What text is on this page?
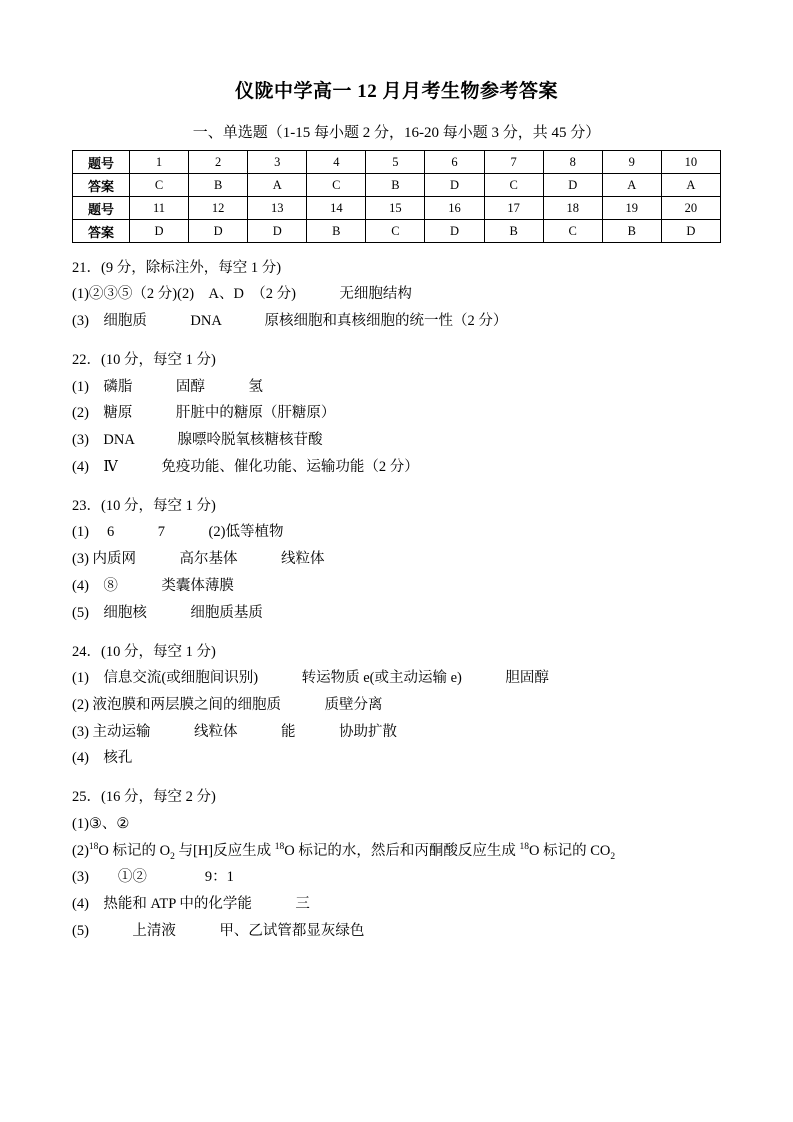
仪陇中学高一 12 月月考生物参考答案
一、单选题（1-15 每小题 2 分，16-20 每小题 3 分，共 45 分）
题号	1	2	3	4	5	6	7	8	9	10
答案	C	B	A	C	B	D	C	D	A	A
题号	11	12	13	14	15	16	17	18	19	20
答案	D	D	D	B	C	D	B	C	B	D

21．(9 分，除标注外，每空 1 分)

(1)②③⑤（2 分)(2)　A、D　（2 分)　　　无细胞结构

(3)　细胞质　　　DNA　　　原核细胞和真核细胞的统一性（2 分）

22．(10 分，每空 1 分)

(1)　磷脂　　　固醇　　　氢

(2)　糖原　　　肝脏中的糖原（肝糖原）

(3)　DNA　　　腺嘌呤脱氧核糖核苷酸

(4)　Ⅳ　　　免疫功能、催化功能、运输功能（2 分）

23．(10 分，每空 1 分)

(1)　 6　　　7　　　(2)低等植物

(3) 内质网　　　高尔基体　　　线粒体

(4)　⑧　　　类囊体薄膜

(5)　细胞核　　　细胞质基质

24．(10 分，每空 1 分)

(1)　信息交流(或细胞间识别)　　　转运物质 e(或主动运输 e)　　　胆固醇

(2) 液泡膜和两层膜之间的细胞质　　　质壁分离

(3) 主动运输　　　线粒体　　　能　　　协助扩散

(4)　核孔

25．(16 分，每空 2 分)

(1)③、②

$(2)^{18}O$ 标记的 $O_2$ 与[H]反应生成 $^{18}$O 标记的水，然后和丙酮酸反应生成 $^{18}$O 标记的 $CO_2$

(3)　　①②　　　　9：1

(4)　热能和 ATP 中的化学能　　　三

(5)　　　上清液　　　甲、乙试管都显灰绿色
